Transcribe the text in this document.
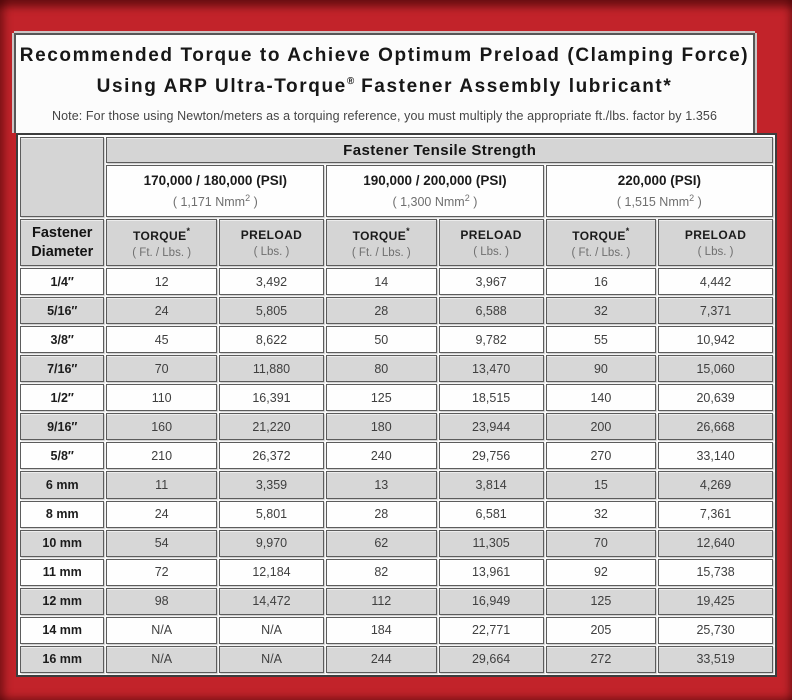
Recommended Torque to Achieve Optimum Preload (Clamping Force)
Using ARP Ultra-Torque® Fastener Assembly lubricant*
Note: For those using Newton/meters as a torquing reference, you must multiply the appropriate ft./lbs. factor by 1.356
	Fastener Tensile Strength					

170,000 / 180,000 (PSI)
( 1,171 Nmm$^2$ )

190,000 / 200,000 (PSI)
( 1,300 Nmm$^2$ )

220,000 (PSI)
( 1,515 Nmm$^2$ )

Fastener
Diameter	
TORQUE*
( Ft. / Lbs. )

PRELOAD
( Lbs. )

TORQUE*
( Ft. / Lbs. )

PRELOAD
( Lbs. )

TORQUE*
( Ft. / Lbs. )

PRELOAD
( Lbs. )

1/4″	12	3,492	14	3,967	16	4,442
5/16″	24	5,805	28	6,588	32	7,371
3/8″	45	8,622	50	9,782	55	10,942
7/16″	70	11,880	80	13,470	90	15,060
1/2″	110	16,391	125	18,515	140	20,639
9/16″	160	21,220	180	23,944	200	26,668
5/8″	210	26,372	240	29,756	270	33,140
6 mm	11	3,359	13	3,814	15	4,269
8 mm	24	5,801	28	6,581	32	7,361
10 mm	54	9,970	62	11,305	70	12,640
11 mm	72	12,184	82	13,961	92	15,738
12 mm	98	14,472	112	16,949	125	19,425
14 mm	N/A	N/A	184	22,771	205	25,730
16 mm	N/A	N/A	244	29,664	272	33,519
